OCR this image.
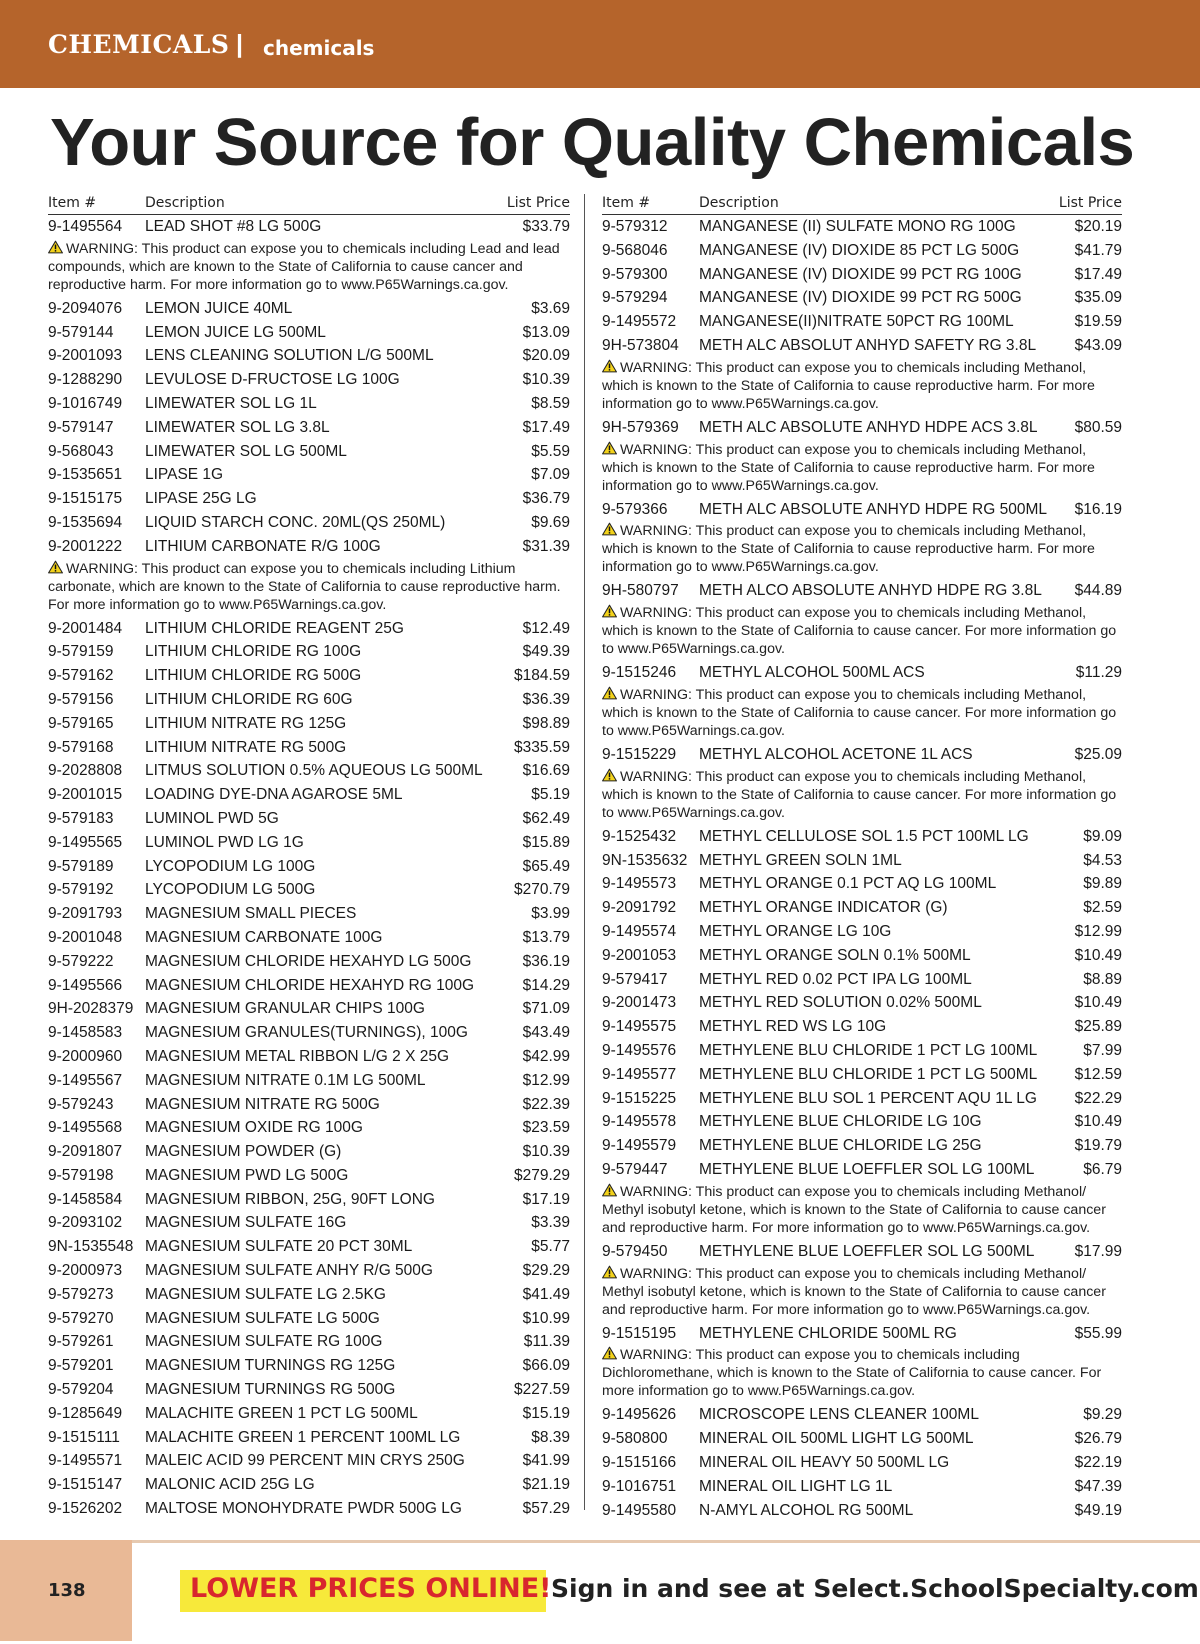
CHEMICALS | chemicals
Your Source for Quality Chemicals
Item #	Description	List Price
9-1495564 LEAD SHOT #8 LG 500G	$33.79
WARNING: This product can expose you to chemicals including Lead and lead compounds, which are known to the State of California to cause cancer and reproductive harm. For more information go to www.P65Warnings.ca.gov.
9-2094076 LEMON JUICE 40ML	$3.69
9-579144 LEMON JUICE LG 500ML	$13.09
9-2001093 LENS CLEANING SOLUTION L/G 500ML	$20.09
9-1288290 LEVULOSE D-FRUCTOSE LG 100G	$10.39
9-1016749 LIMEWATER SOL LG 1L	$8.59
9-579147 LIMEWATER SOL LG 3.8L	$17.49
9-568043 LIMEWATER SOL LG 500ML	$5.59
9-1535651 LIPASE 1G	$7.09
9-1515175 LIPASE 25G LG	$36.79
9-1535694 LIQUID STARCH CONC. 20ML(QS 250ML)	$9.69
9-2001222 LITHIUM CARBONATE R/G 100G	$31.39
WARNING: This product can expose you to chemicals including Lithium carbonate, which are known to the State of California to cause reproductive harm. For more information go to www.P65Warnings.ca.gov.
9-2001484 LITHIUM CHLORIDE REAGENT 25G	$12.49
9-579159 LITHIUM CHLORIDE RG 100G	$49.39
9-579162 LITHIUM CHLORIDE RG 500G	$184.59
9-579156 LITHIUM CHLORIDE RG 60G	$36.39
9-579165 LITHIUM NITRATE RG 125G	$98.89
9-579168 LITHIUM NITRATE RG 500G	$335.59
9-2028808 LITMUS SOLUTION 0.5% AQUEOUS LG 500ML	$16.69
9-2001015 LOADING DYE-DNA AGAROSE 5ML	$5.19
9-579183 LUMINOL PWD 5G	$62.49
9-1495565 LUMINOL PWD LG 1G	$15.89
9-579189 LYCOPODIUM LG 100G	$65.49
9-579192 LYCOPODIUM LG 500G	$270.79
9-2091793 MAGNESIUM SMALL PIECES	$3.99
9-2001048 MAGNESIUM CARBONATE 100G	$13.79
9-579222 MAGNESIUM CHLORIDE HEXAHYD LG 500G	$36.19
9-1495566 MAGNESIUM CHLORIDE HEXAHYD RG 100G	$14.29
9H-2028379 MAGNESIUM GRANULAR CHIPS 100G	$71.09
9-1458583 MAGNESIUM GRANULES(TURNINGS), 100G	$43.49
9-2000960 MAGNESIUM METAL RIBBON L/G 2 X 25G	$42.99
9-1495567 MAGNESIUM NITRATE 0.1M LG 500ML	$12.99
9-579243 MAGNESIUM NITRATE RG 500G	$22.39
9-1495568 MAGNESIUM OXIDE RG 100G	$23.59
9-2091807 MAGNESIUM POWDER (G)	$10.39
9-579198 MAGNESIUM PWD LG 500G	$279.29
9-1458584 MAGNESIUM RIBBON, 25G, 90FT LONG	$17.19
9-2093102 MAGNESIUM SULFATE 16G	$3.39
9N-1535548 MAGNESIUM SULFATE 20 PCT 30ML	$5.77
9-2000973 MAGNESIUM SULFATE ANHY R/G 500G	$29.29
9-579273 MAGNESIUM SULFATE LG 2.5KG	$41.49
9-579270 MAGNESIUM SULFATE LG 500G	$10.99
9-579261 MAGNESIUM SULFATE RG 100G	$11.39
9-579201 MAGNESIUM TURNINGS RG 125G	$66.09
9-579204 MAGNESIUM TURNINGS RG 500G	$227.59
9-1285649 MALACHITE GREEN 1 PCT LG 500ML	$15.19
9-1515111 MALACHITE GREEN 1 PERCENT 100ML LG	$8.39
9-1495571 MALEIC ACID 99 PERCENT MIN CRYS 250G	$41.99
9-1515147 MALONIC ACID 25G LG	$21.19
9-1526202 MALTOSE MONOHYDRATE PWDR 500G LG	$57.29
Item #	Description	List Price
9-579312 MANGANESE (II) SULFATE MONO RG 100G	$20.19
9-568046 MANGANESE (IV) DIOXIDE 85 PCT LG 500G	$41.79
9-579300 MANGANESE (IV) DIOXIDE 99 PCT RG 100G	$17.49
9-579294 MANGANESE (IV) DIOXIDE 99 PCT RG 500G	$35.09
9-1495572 MANGANESE(II)NITRATE 50PCT RG 100ML	$19.59
9H-573804 METH ALC ABSOLUT ANHYD SAFETY RG 3.8L $43.09
WARNING: This product can expose you to chemicals including Methanol, which is known to the State of California to cause reproductive harm. For more information go to www.P65Warnings.ca.gov.
9H-579369 METH ALC ABSOLUTE ANHYD HDPE ACS 3.8L $80.59
WARNING: This product can expose you to chemicals including Methanol, which is known to the State of California to cause reproductive harm. For more information go to www.P65Warnings.ca.gov.
9-579366 METH ALC ABSOLUTE ANHYD HDPE RG 500ML $16.19
WARNING: This product can expose you to chemicals including Methanol, which is known to the State of California to cause reproductive harm. For more information go to www.P65Warnings.ca.gov.
9H-580797 METH ALCO ABSOLUTE ANHYD HDPE RG 3.8L $44.89
WARNING: This product can expose you to chemicals including Methanol, which is known to the State of California to cause cancer. For more information go to www.P65Warnings.ca.gov.
9-1515246 METHYL ALCOHOL 500ML ACS	$11.29
WARNING: This product can expose you to chemicals including Methanol, which is known to the State of California to cause cancer. For more information go to www.P65Warnings.ca.gov.
9-1515229 METHYL ALCOHOL ACETONE 1L ACS	$25.09
WARNING: This product can expose you to chemicals including Methanol, which is known to the State of California to cause cancer. For more information go to www.P65Warnings.ca.gov.
9-1525432 METHYL CELLULOSE SOL 1.5 PCT 100ML LG	$9.09
9N-1535632 METHYL GREEN SOLN 1ML	$4.53
9-1495573 METHYL ORANGE 0.1 PCT AQ LG 100ML	$9.89
9-2091792 METHYL ORANGE INDICATOR (G)	$2.59
9-1495574 METHYL ORANGE LG 10G	$12.99
9-2001053 METHYL ORANGE SOLN 0.1% 500ML	$10.49
9-579417 METHYL RED 0.02 PCT IPA LG 100ML	$8.89
9-2001473 METHYL RED SOLUTION 0.02% 500ML	$10.49
9-1495575 METHYL RED WS LG 10G	$25.89
9-1495576 METHYLENE BLU CHLORIDE 1 PCT LG 100ML	$7.99
9-1495577 METHYLENE BLU CHLORIDE 1 PCT LG 500ML $12.59
9-1515225 METHYLENE BLU SOL 1 PERCENT AQU 1L LG $22.29
9-1495578 METHYLENE BLUE CHLORIDE LG 10G	$10.49
9-1495579 METHYLENE BLUE CHLORIDE LG 25G	$19.79
9-579447 METHYLENE BLUE LOEFFLER SOL LG 100ML	$6.79
WARNING: This product can expose you to chemicals including Methanol/ Methyl isobutyl ketone, which is known to the State of California to cause cancer and reproductive harm. For more information go to www.P65Warnings.ca.gov.
9-579450 METHYLENE BLUE LOEFFLER SOL LG 500ML	$17.99
WARNING: This product can expose you to chemicals including Methanol/ Methyl isobutyl ketone, which is known to the State of California to cause cancer and reproductive harm. For more information go to www.P65Warnings.ca.gov.
9-1515195 METHYLENE CHLORIDE 500ML RG	$55.99
WARNING: This product can expose you to chemicals including Dichloromethane, which is known to the State of California to cause cancer. For more information go to www.P65Warnings.ca.gov.
9-1495626 MICROSCOPE LENS CLEANER 100ML	$9.29
9-580800 MINERAL OIL 500ML LIGHT LG 500ML	$26.79
9-1515166 MINERAL OIL HEAVY 50 500ML LG	$22.19
9-1016751 MINERAL OIL LIGHT LG 1L	$47.39
9-1495580 N-AMYL ALCOHOL RG 500ML	$49.19
138	LOWER PRICES ONLINE! Sign in and see at Select.SchoolSpecialty.com
